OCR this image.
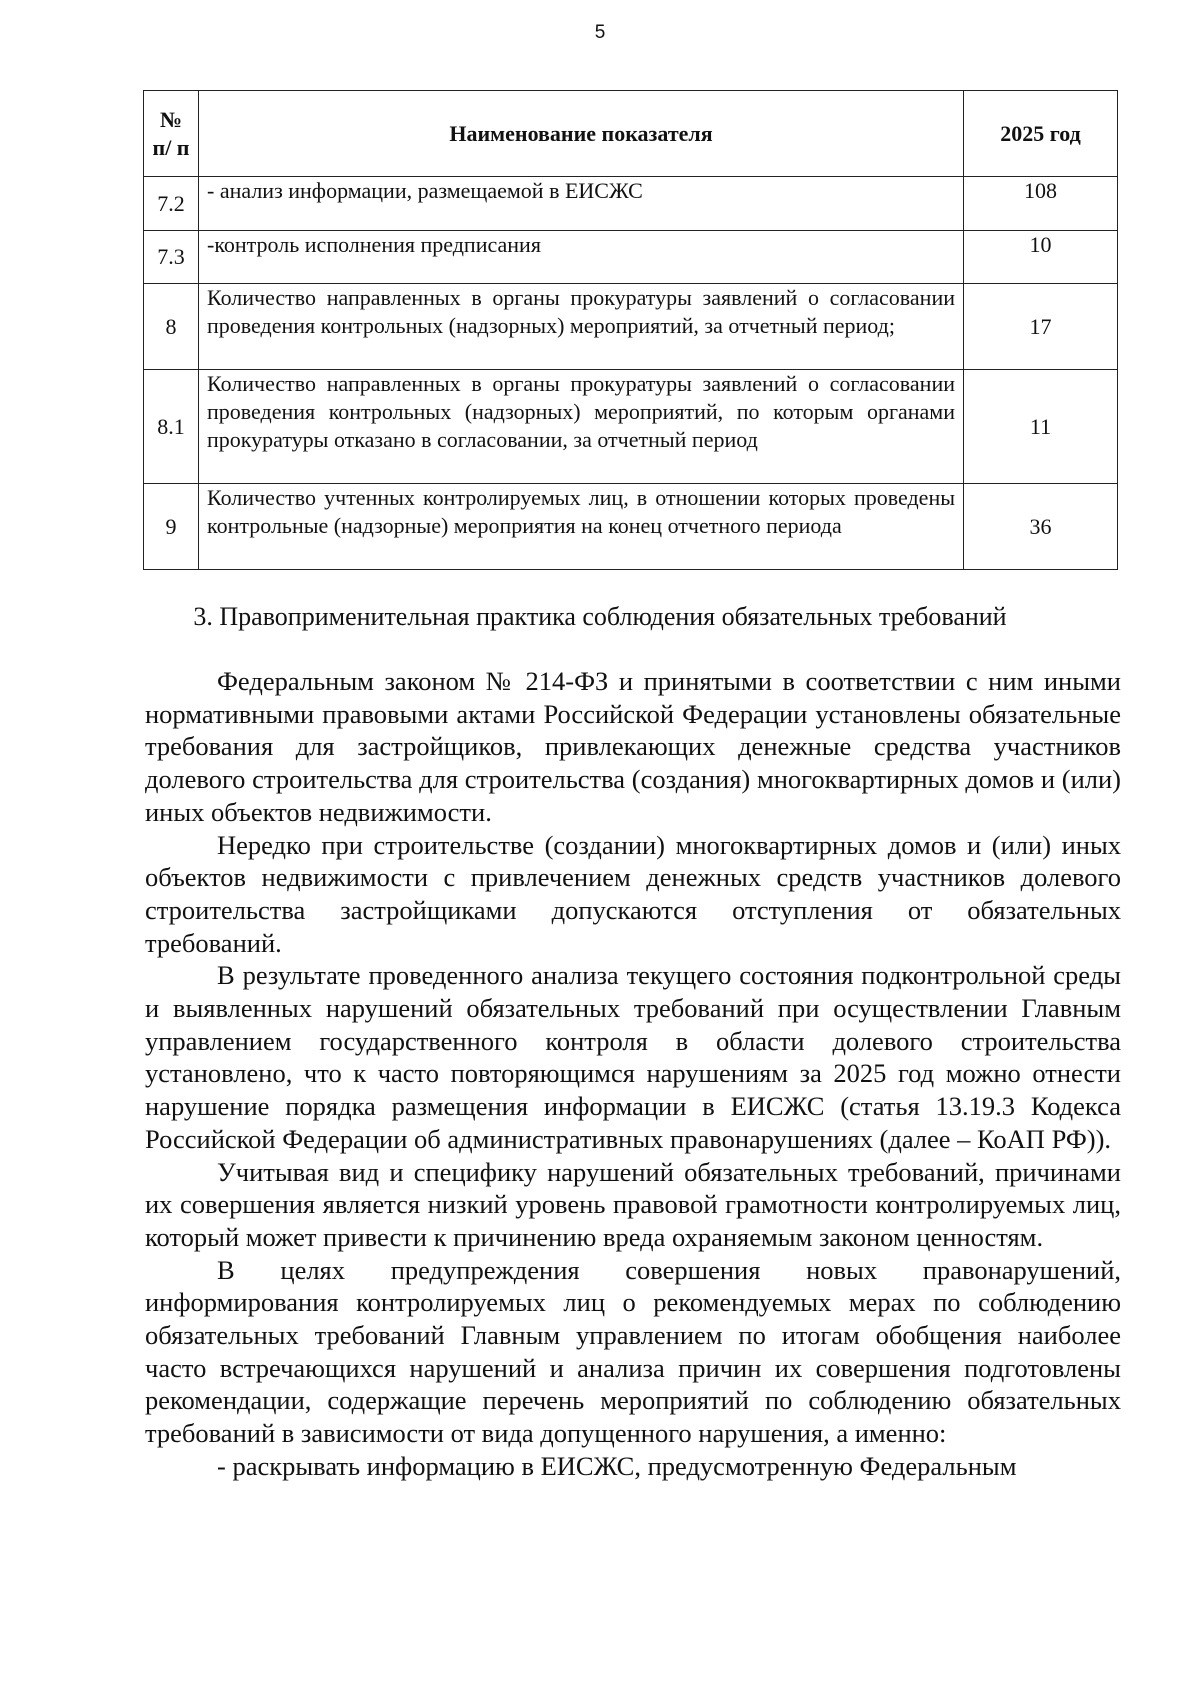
5
№ п/ п	Наименование показателя	2025 год
7.2	- анализ информации, размещаемой в ЕИСЖС	108
7.3	-контроль исполнения предписания	10
8	Количество направленных в органы прокуратуры заявлений о согласовании проведения контрольных (надзорных) мероприятий, за отчетный период;	17
8.1	Количество направленных в органы прокуратуры заявлений о согласовании проведения контрольных (надзорных) мероприятий, по которым органами прокуратуры отказано в согласовании, за отчетный период	11
9	Количество учтенных контролируемых лиц, в отношении которых проведены контрольные (надзорные) мероприятия на конец отчетного периода	36
3. Правоприменительная практика соблюдения обязательных требований

Федеральным законом № 214-ФЗ и принятыми в соответствии с ним иными нормативными правовыми актами Российской Федерации установлены обязательные требования для застройщиков, привлекающих денежные средства участников долевого строительства для строительства (создания) многоквартирных домов и (или) иных объектов недвижимости.

Нередко при строительстве (создании) многоквартирных домов и (или) иных объектов недвижимости с привлечением денежных средств участников долевого строительства застройщиками допускаются отступления от обязательных требований.

В результате проведенного анализа текущего состояния подконтрольной среды и выявленных нарушений обязательных требований при осуществлении Главным управлением государственного контроля в области долевого строительства установлено, что к часто повторяющимся нарушениям за 2025 год можно отнести нарушение порядка размещения информации в ЕИСЖС (статья 13.19.3 Кодекса Российской Федерации об административных правонарушениях (далее – КоАП РФ)).

Учитывая вид и специфику нарушений обязательных требований, причинами их совершения является низкий уровень правовой грамотности контролируемых лиц, который может привести к причинению вреда охраняемым законом ценностям.

В целях предупреждения совершения новых правонарушений, информирования контролируемых лиц о рекомендуемых мерах по соблюдению обязательных требований Главным управлением по итогам обобщения наиболее часто встречающихся нарушений и анализа причин их совершения подготовлены рекомендации, содержащие перечень мероприятий по соблюдению обязательных требований в зависимости от вида допущенного нарушения, а именно:

- раскрывать информацию в ЕИСЖС, предусмотренную Федеральным
